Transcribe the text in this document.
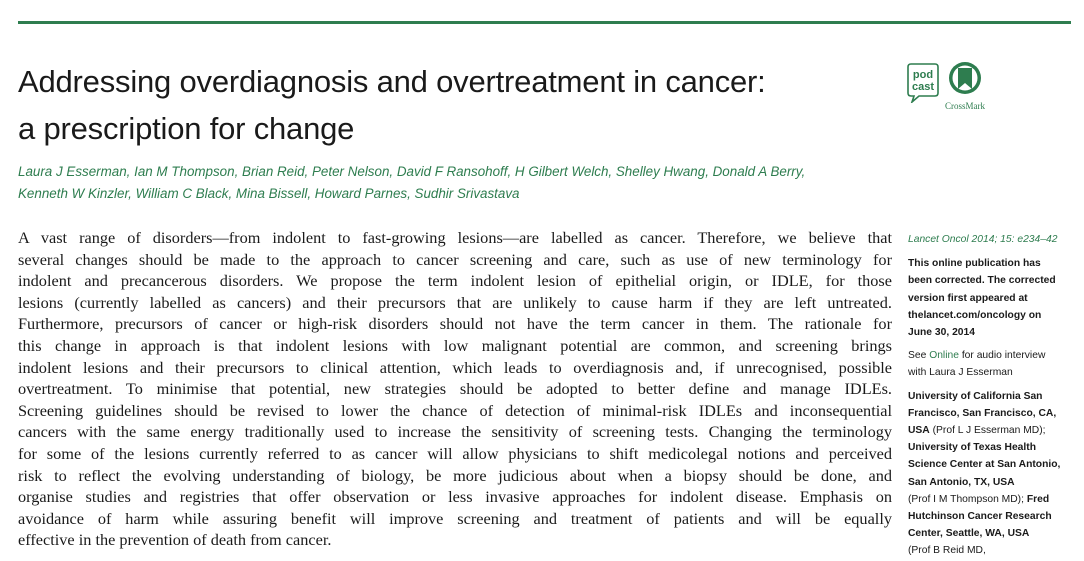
Addressing overdiagnosis and overtreatment in cancer:
a prescription for change
pod
cast
CrossMark

Laura J Esserman, Ian M Thompson, Brian Reid, Peter Nelson, David F Ransohoff, H Gilbert Welch, Shelley Hwang, Donald A Berry,
Kenneth W Kinzler, William C Black, Mina Bissell, Howard Parnes, Sudhir Srivastava

A vast range of disorders—from indolent to fast-growing lesions—are labelled as cancer. Therefore, we believe that
several changes should be made to the approach to cancer screening and care, such as use of new terminology for
indolent and precancerous disorders. We propose the term indolent lesion of epithelial origin, or IDLE, for those
lesions (currently labelled as cancers) and their precursors that are unlikely to cause harm if they are left untreated.
Furthermore, precursors of cancer or high-risk disorders should not have the term cancer in them. The rationale for
this change in approach is that indolent lesions with low malignant potential are common, and screening brings
indolent lesions and their precursors to clinical attention, which leads to overdiagnosis and, if unrecognised, possible
overtreatment. To minimise that potential, new strategies should be adopted to better define and manage IDLEs.
Screening guidelines should be revised to lower the chance of detection of minimal-risk IDLEs and inconsequential
cancers with the same energy traditionally used to increase the sensitivity of screening tests. Changing the terminology
for some of the lesions currently referred to as cancer will allow physicians to shift medicolegal notions and perceived
risk to reflect the evolving understanding of biology, be more judicious about when a biopsy should be done, and
organise studies and registries that offer observation or less invasive approaches for indolent disease. Emphasis on
avoidance of harm while assuring benefit will improve screening and treatment of patients and will be equally
effective in the prevention of death from cancer.
Lancet Oncol 2014; 15: e234–42
This online publication has
been corrected. The corrected
version first appeared at
thelancet.com/oncology on
June 30, 2014
See Online for audio interview
with Laura J Esserman
University of California San
Francisco, San Francisco, CA,
USA (Prof L J Esserman MD);
University of Texas Health
Science Center at San Antonio,
San Antonio, TX, USA
(Prof I M Thompson MD); Fred
Hutchinson Cancer Research
Center, Seattle, WA, USA
(Prof B Reid MD,
